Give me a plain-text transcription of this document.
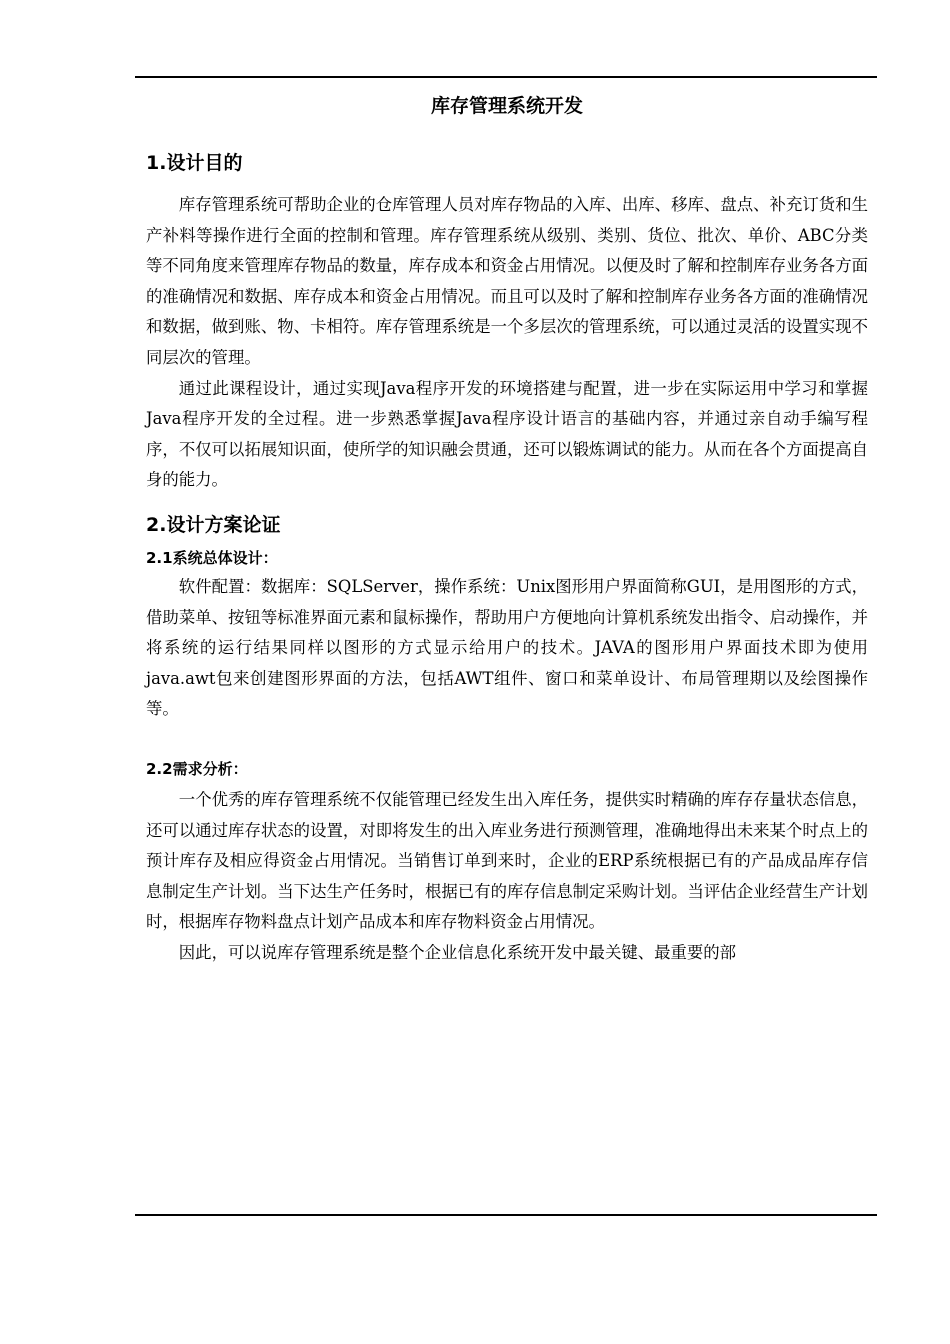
库存管理系统开发

1.设计目的

库存管理系统可帮助企业的仓库管理人员对库存物品的入库、出库、移库、盘点、补充订货和生产补料等操作进行全面的控制和管理。库存管理系统从级别、类别、货位、批次、单价、ABC分类等不同角度来管理库存物品的数量，库存成本和资金占用情况。以便及时了解和控制库存业务各方面的准确情况和数据、库存成本和资金占用情况。而且可以及时了解和控制库存业务各方面的准确情况和数据，做到账、物、卡相符。库存管理系统是一个多层次的管理系统，可以通过灵活的设置实现不同层次的管理。

通过此课程设计，通过实现Java程序开发的环境搭建与配置，进一步在实际运用中学习和掌握Java程序开发的全过程。进一步熟悉掌握Java程序设计语言的基础内容，并通过亲自动手编写程序，不仅可以拓展知识面，使所学的知识融会贯通，还可以锻炼调试的能力。从而在各个方面提高自身的能力。

2.设计方案论证

2.1系统总体设计：

软件配置：数据库：SQLServer，操作系统：Unix图形用户界面简称GUI，是用图形的方式，借助菜单、按钮等标准界面元素和鼠标操作，帮助用户方便地向计算机系统发出指令、启动操作，并将系统的运行结果同样以图形的方式显示给用户的技术。JAVA的图形用户界面技术即为使用java.awt包来创建图形界面的方法，包括AWT组件、窗口和菜单设计、布局管理期以及绘图操作等。

2.2需求分析：

一个优秀的库存管理系统不仅能管理已经发生出入库任务，提供实时精确的库存存量状态信息，还可以通过库存状态的设置，对即将发生的出入库业务进行预测管理，准确地得出未来某个时点上的预计库存及相应得资金占用情况。当销售订单到来时，企业的ERP系统根据已有的产品成品库存信息制定生产计划。当下达生产任务时，根据已有的库存信息制定采购计划。当评估企业经营生产计划时，根据库存物料盘点计划产品成本和库存物料资金占用情况。

因此，可以说库存管理系统是整个企业信息化系统开发中最关键、最重要的部
